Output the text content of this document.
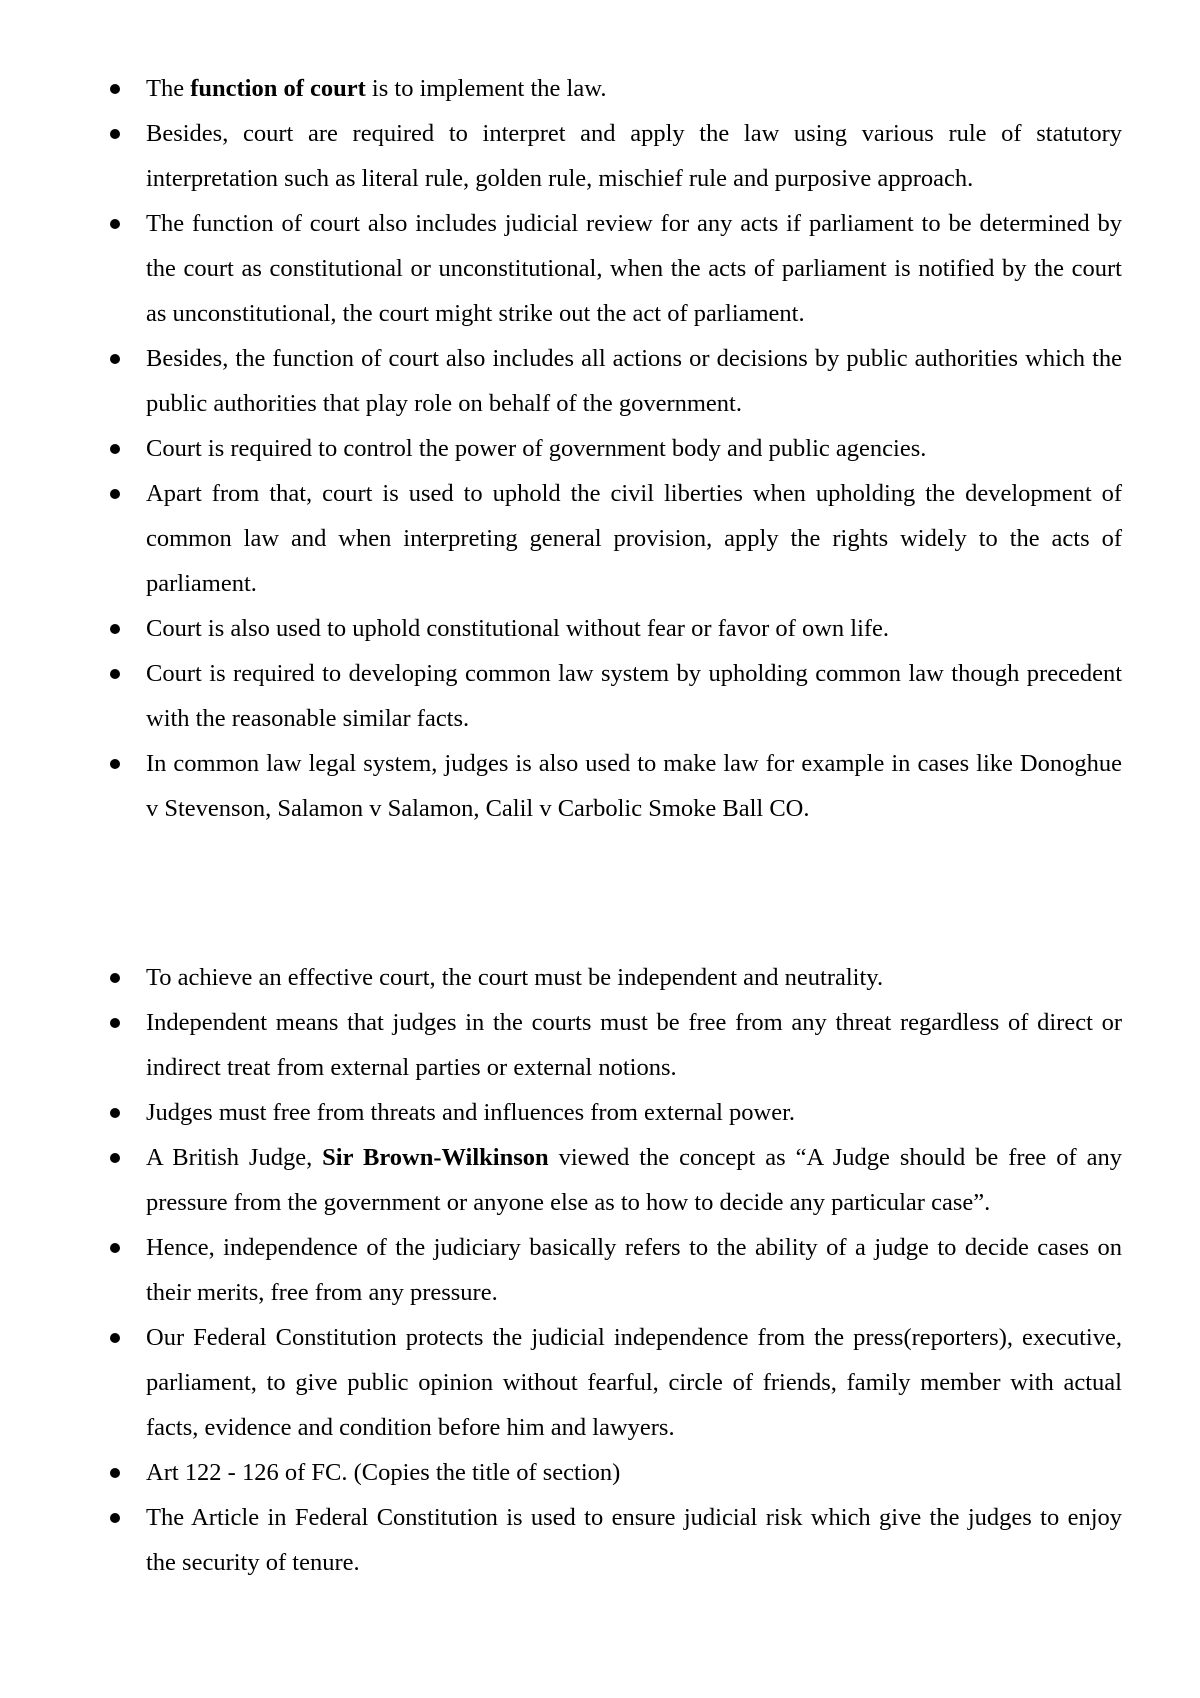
The function of court is to implement the law.
Besides, court are required to interpret and apply the law using various rule of statutory interpretation such as literal rule, golden rule, mischief rule and purposive approach.
The function of court also includes judicial review for any acts if parliament to be determined by the court as constitutional or unconstitutional, when the acts of parliament is notified by the court as unconstitutional, the court might strike out the act of parliament.
Besides, the function of court also includes all actions or decisions by public authorities which the public authorities that play role on behalf of the government.
Court is required to control the power of government body and public agencies.
Apart from that, court is used to uphold the civil liberties when upholding the development of common law and when interpreting general provision, apply the rights widely to the acts of parliament.
Court is also used to uphold constitutional without fear or favor of own life.
Court is required to developing common law system by upholding common law though precedent with the reasonable similar facts.
In common law legal system, judges is also used to make law for example in cases like Donoghue v Stevenson, Salamon v Salamon, Calil v Carbolic Smoke Ball CO.
To achieve an effective court, the court must be independent and neutrality.
Independent means that judges in the courts must be free from any threat regardless of direct or indirect treat from external parties or external notions.
Judges must free from threats and influences from external power.
A British Judge, Sir Brown-Wilkinson viewed the concept as “A Judge should be free of any pressure from the government or anyone else as to how to decide any particular case”.
Hence, independence of the judiciary basically refers to the ability of a judge to decide cases on their merits, free from any pressure.
Our Federal Constitution protects the judicial independence from the press(reporters), executive, parliament, to give public opinion without fearful, circle of friends, family member with actual facts, evidence and condition before him and lawyers.
Art 122 - 126 of FC. (Copies the title of section)
The Article in Federal Constitution is used to ensure judicial risk which give the judges to enjoy the security of tenure.
